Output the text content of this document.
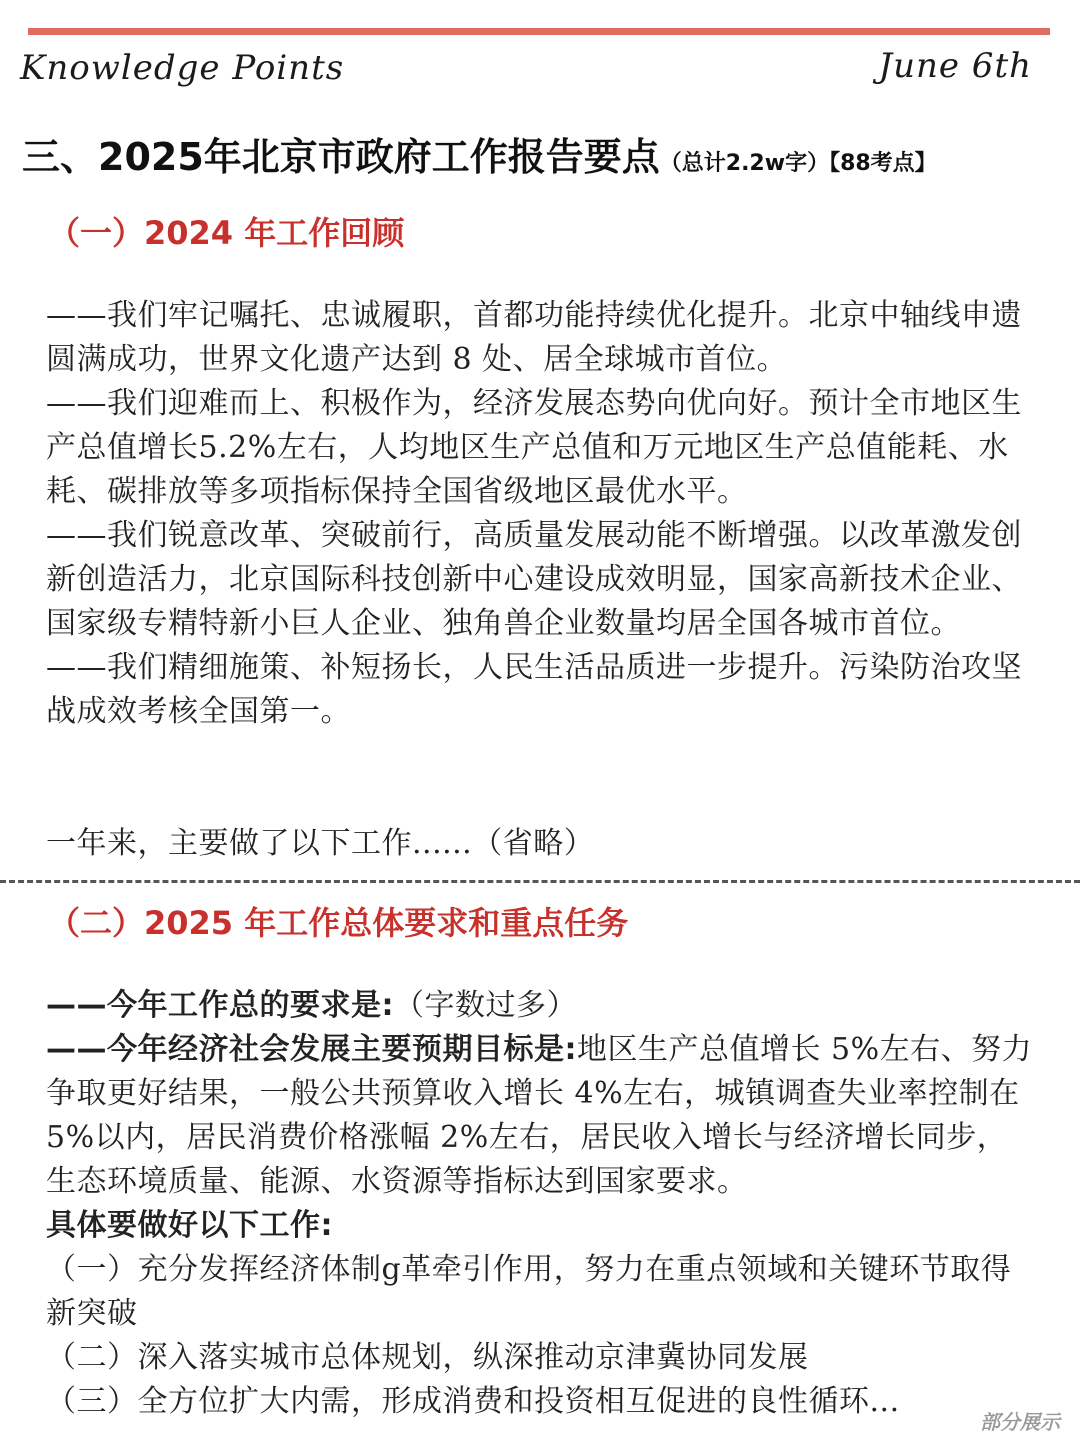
Knowledge Points	June 6th
三、2025年北京市政府工作报告要点（总计2.2w字）【88考点】
（一）2024 年工作回顾

——我们牢记嘱托、忠诚履职，首都功能持续优化提升。北京中轴线申遗圆满成功，世界文化遗产达到 8 处、居全球城市首位。

——我们迎难而上、积极作为，经济发展态势向优向好。预计全市地区生产总值增长5.2%左右，人均地区生产总值和万元地区生产总值能耗、水耗、碳排放等多项指标保持全国省级地区最优水平。

——我们锐意改革、突破前行，高质量发展动能不断增强。以改革激发创新创造活力，北京国际科技创新中心建设成效明显，国家高新技术企业、国家级专精特新小巨人企业、独角兽企业数量均居全国各城市首位。

——我们精细施策、补短扬长，人民生活品质进一步提升。污染防治攻坚战成效考核全国第一。

一年来，主要做了以下工作......（省略）
（二）2025 年工作总体要求和重点任务

——今年工作总的要求是:（字数过多）

——今年经济社会发展主要预期目标是:地区生产总值增长 5%左右、努力争取更好结果，一般公共预算收入增长 4%左右，城镇调查失业率控制在 5%以内，居民消费价格涨幅 2%左右，居民收入增长与经济增长同步，生态环境质量、能源、水资源等指标达到国家要求。

具体要做好以下工作:

（一）充分发挥经济体制g革牵引作用，努力在重点领域和关键环节取得新突破

（二）深入落实城市总体规划，纵深推动京津冀协同发展

（三）全方位扩大内需，形成消费和投资相互促进的良性循环...

部分展示
